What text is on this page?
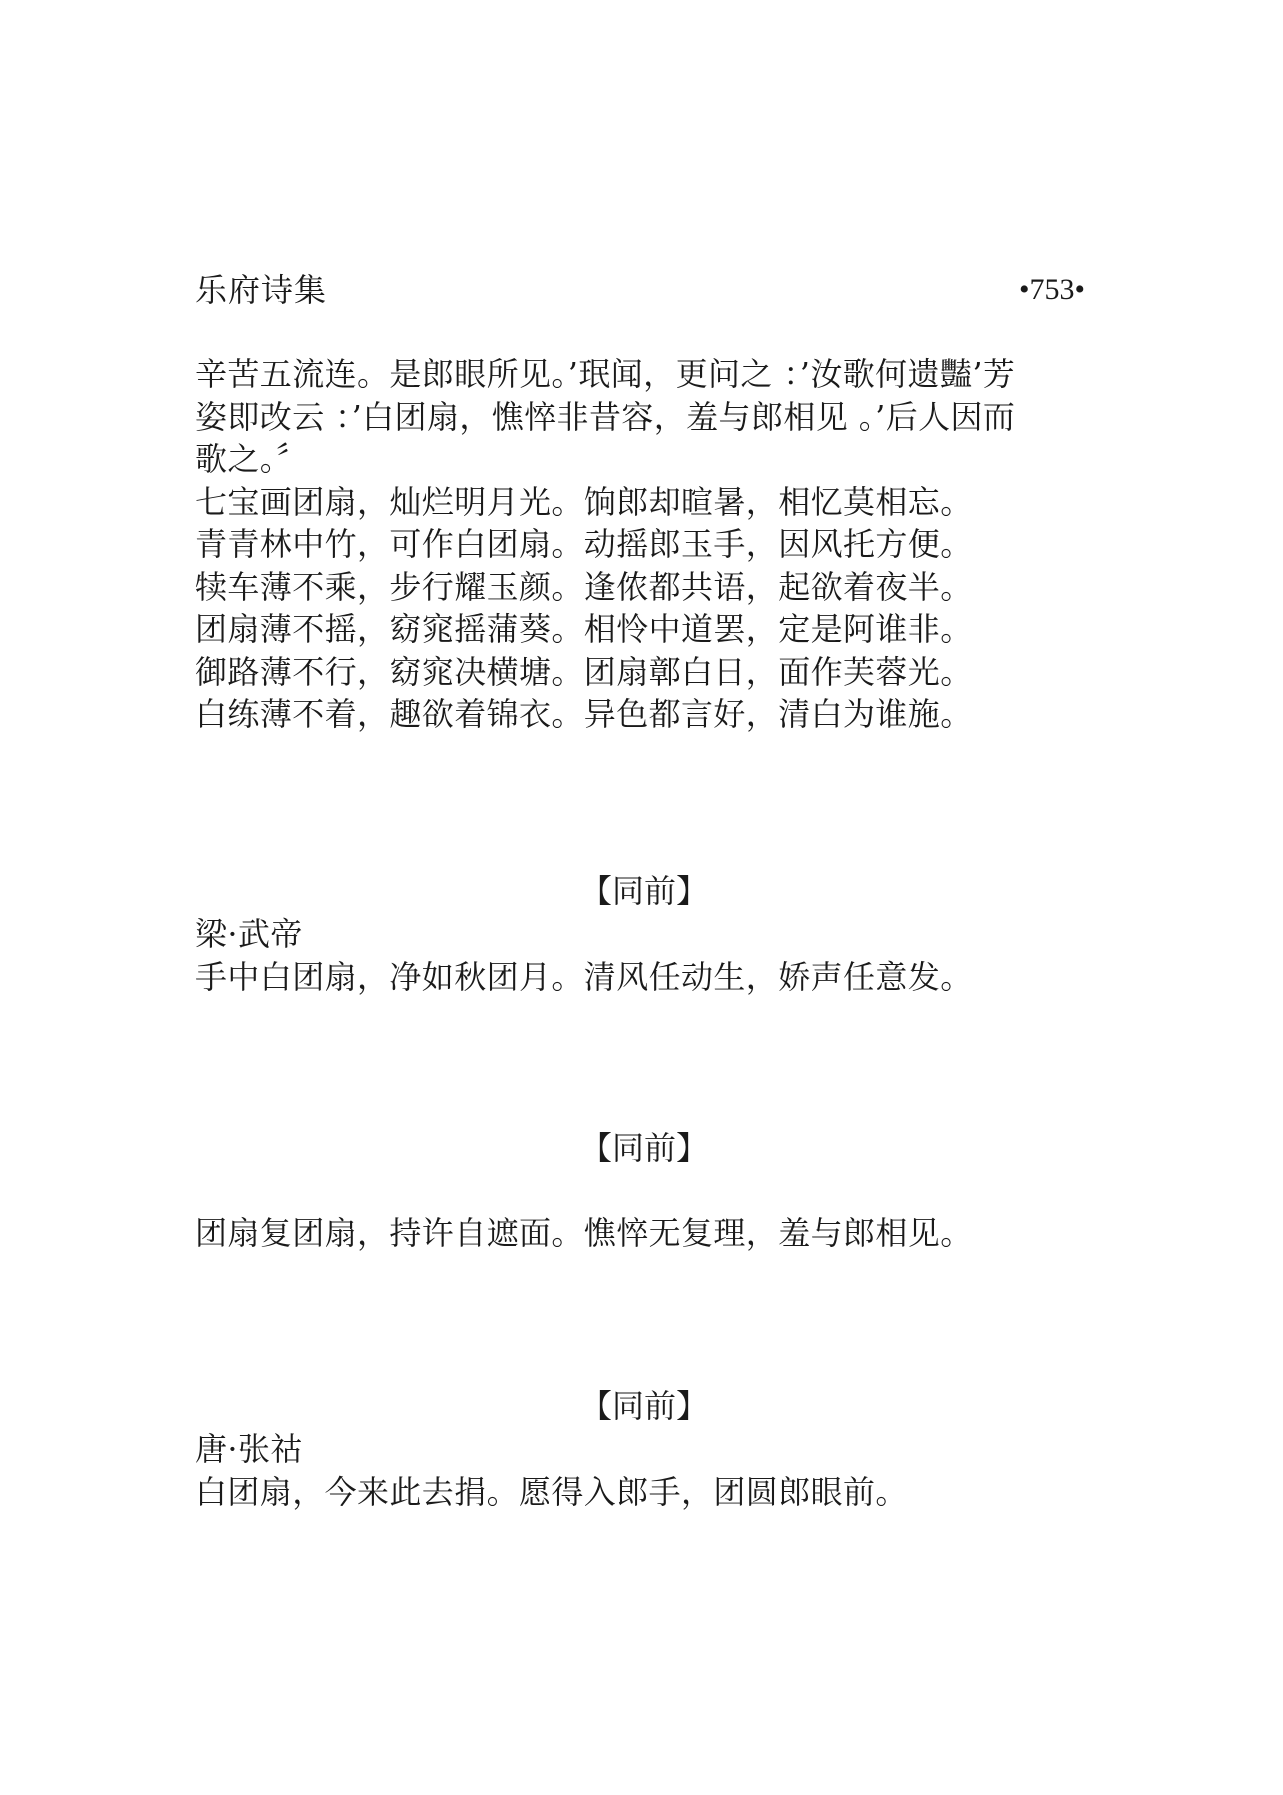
乐府诗集	•753•
辛苦五流连。是郎眼所见。’珉闻，更问之 ：’汝歌何遗豔’芳
姿即改云 ：’白团扇，憔悴非昔容，羞与郎相见 。’后人因而
歌之。〞
七宝画团扇，灿烂明月光。饷郎却暄暑，相忆莫相忘。
青青林中竹，可作白团扇。动摇郎玉手，因风托方便。
犊车薄不乘，步行耀玉颜。逢侬都共语，起欲着夜半。
团扇薄不摇，窈窕摇蒲葵。相怜中道罢，定是阿谁非。
御路薄不行，窈窕决横塘。团扇鄣白日，面作芙蓉光。
白练薄不着，趣欲着锦衣。异色都言好，清白为谁施。
【同前】
梁·武帝
手中白团扇，净如秋团月。清风任动生，娇声任意发。
【同前】
团扇复团扇，持许自遮面。憔悴无复理，羞与郎相见。
【同前】
唐·张祜
白团扇，今来此去捐。愿得入郎手，团圆郎眼前。
